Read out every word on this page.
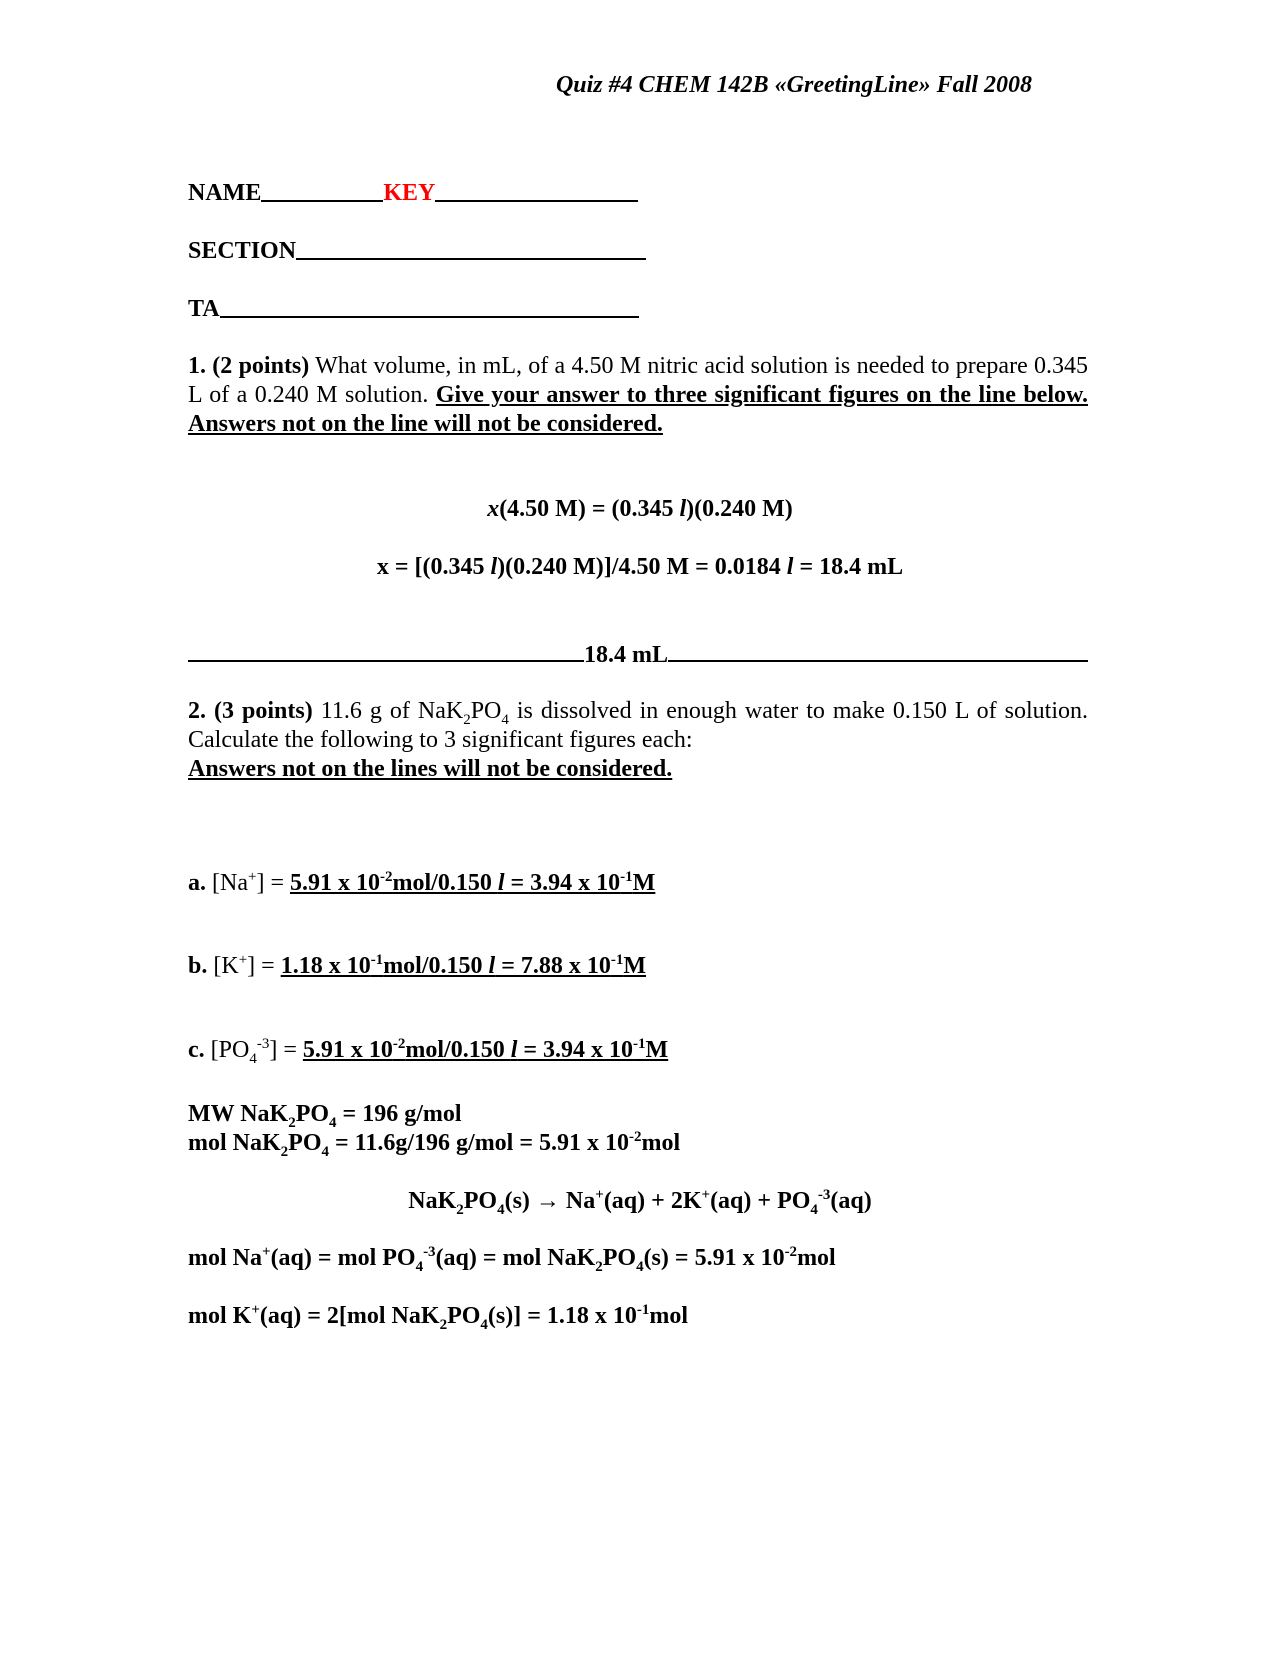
Quiz #4 CHEM 142B «GreetingLine» Fall 2008
NAME	KEY
SECTION
TA
1. (2 points) What volume, in mL, of a 4.50 M nitric acid solution is needed to prepare 0.345 L of a 0.240 M solution. Give your answer to three significant figures on the line below. Answers not on the line will not be considered.
x(4.50 M) = (0.345 l)(0.240 M)
x = [(0.345 l)(0.240 M)]/4.50 M = 0.0184 l = 18.4 mL
18.4 mL
2. (3 points) 11.6 g of $NaK_2PO_4$ is dissolved in enough water to make 0.150 L of solution. Calculate the following to 3 significant figures each:
Answers not on the lines will not be considered.
a. [Na+] = 5.91 x $10^{-2}mol/0.150$ l = 3.94 x $10^{-1}M$
b. [K+] = 1.18 x $10^{-1}mol/0.150$ l = 7.88 x $10^{-1}M$
c. $[PO_4^{-3}] = 5.91$ x $10^{-2}mol/0.150$ l = 3.94 x $10^{-1}M$
MW $NaK_2PO_4 = 196$ g/mol
mol $NaK_2PO_4 = 11.6g/196$ g/mol = 5.91 x $10^{-2}mol$
$NaK_2PO_4(s) \to Na^+(aq) + 2K^+(aq) + PO_4^{-3}(aq)$
mol Na+(aq) = mol $PO_4^{-3}(aq)$ = mol $NaK_2PO_4(s) = 5.91$ x $10^{-2}mol$
mol K+(aq) = 2[mol $NaK_2PO_4(s)] = 1.18$ x $10^{-1}mol$
